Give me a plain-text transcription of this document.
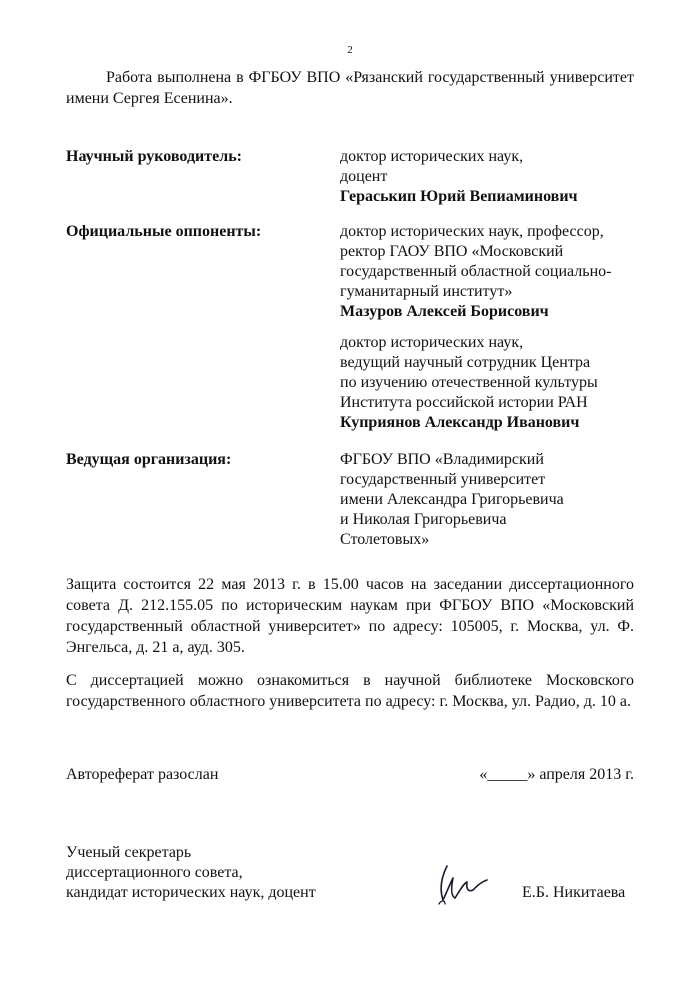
2
Работа выполнена в ФГБОУ ВПО «Рязанский государственный университет имени Сергея Есенина».
Научный руководитель:	доктор исторических наук,
доцент
Гераськип Юрий Вепиаминович
Официальные оппоненты:	доктор исторических наук, профессор,
ректор ГАОУ ВПО «Московский
государственный областной социально-
гуманитарный институт»
Мазуров Алексей Борисович
доктор исторических наук,
ведущий научный сотрудник Центра
по изучению отечественной культуры
Института российской истории РАН
Куприянов Александр Иванович
Ведущая организация:	ФГБОУ ВПО «Владимирский
государственный университет
имени Александра Григорьевича
и Николая Григорьевича
Столетовых»
Защита состоится 22 мая 2013 г. в 15.00 часов на заседании диссертационного совета Д. 212.155.05 по историческим наукам при ФГБОУ ВПО «Московский государственный областной университет» по адресу: 105005, г. Москва, ул. Ф. Энгельса, д. 21 а, ауд. 305.
С диссертацией можно ознакомиться в научной библиотеке Московского государственного областного университета по адресу: г. Москва, ул. Радио, д. 10 а.
Автореферат разослан	«_____» апреля 2013 г.
Ученый секретарь
диссертационного совета,
кандидат исторических наук, доцент	Е.Б. Никитаева
